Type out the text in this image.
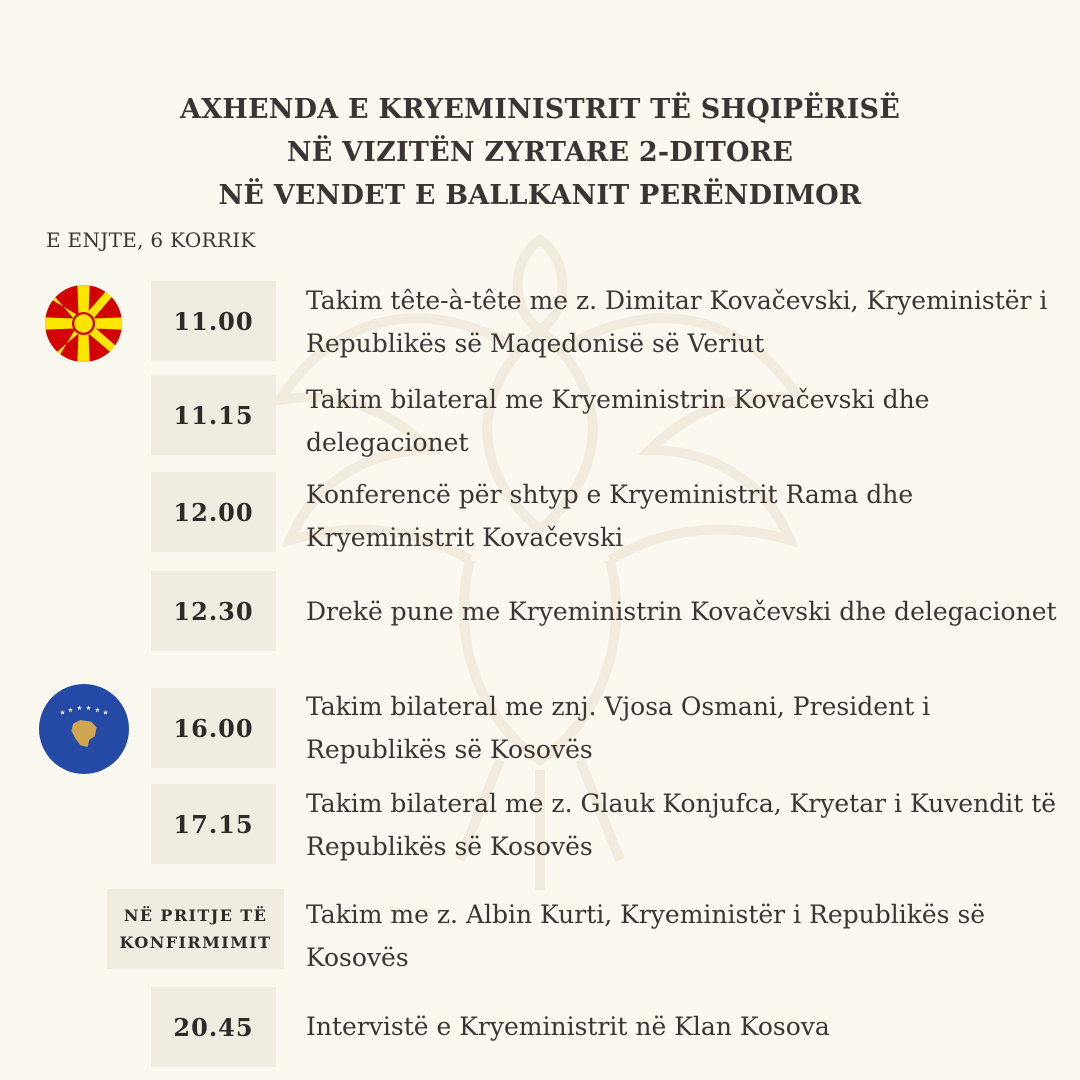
AXHENDA E KRYEMINISTRIT TË SHQIPËRISË
NË VIZITËN ZYRTARE 2-DITORE
NË VENDET E BALLKANIT PERËNDIMOR
E ENJTE, 6 KORRIK
★ ★ ★ ★ ★ ★
11.00
Takim tête-à-tête me z. Dimitar Kovačevski, Kryeministër i Republikës së Maqedonisë së Veriut
11.15
Takim bilateral me Kryeministrin Kovačevski dhe delegacionet
12.00
Konferencë për shtyp e Kryeministrit Rama dhe Kryeministrit Kovačevski
12.30	Drekë pune me Kryeministrin Kovačevski dhe delegacionet
16.00
Takim bilateral me znj. Vjosa Osmani, President i Republikës së Kosovës
17.15
Takim bilateral me z. Glauk Konjufca, Kryetar i Kuvendit të Republikës së Kosovës
NË PRITJE TË
KONFIRMIMIT
Takim me z. Albin Kurti, Kryeministër i Republikës së Kosovës
20.45	Intervistë e Kryeministrit në Klan Kosova
